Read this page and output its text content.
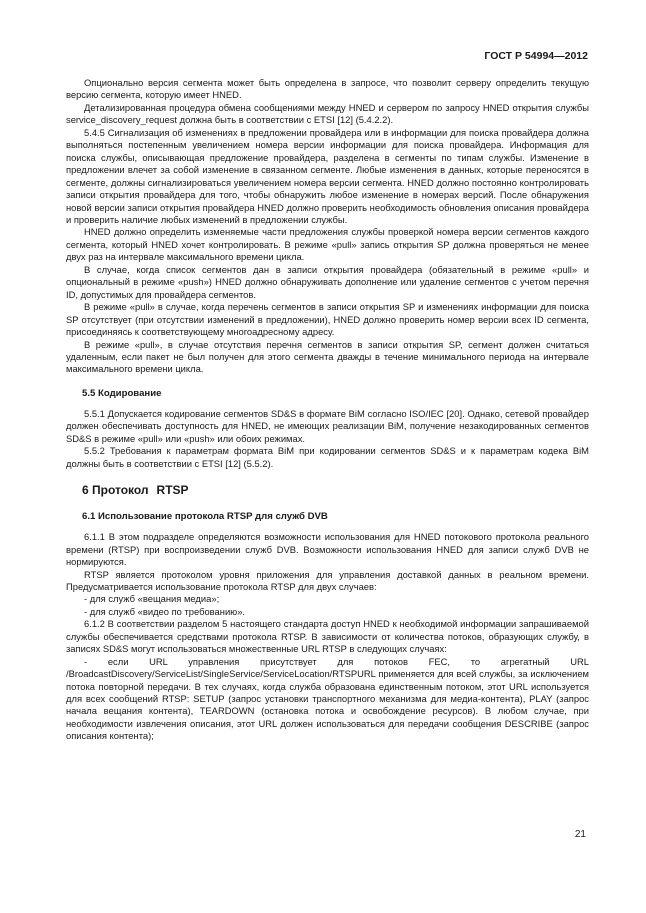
ГОСТ Р 54994—2012

Опционально версия сегмента может быть определена в запросе, что позволит серверу определить текущую версию сегмента, которую имеет HNED.

Детализированная процедура обмена сообщениями между HNED и сервером по запросу HNED открытия службы service_discovery_request должна быть в соответствии с ETSI [12] (5.4.2.2).

5.4.5 Сигнализация об изменениях в предложении провайдера или в информации для поиска провайдера должна выполняться постепенным увеличением номера версии информации для поиска провайдера. Информация для поиска службы, описывающая предложение провайдера, разделена в сегменты по типам службы. Изменение в предложении влечет за собой изменение в связанном сегменте. Любые изменения в данных, которые переносятся в сегменте, должны сигнализироваться увеличением номера версии сегмента. HNED должно постоянно контролировать записи открытия провайдера для того, чтобы обнаружить любое изменение в номерах версий. После обнаружения новой версии записи открытия провайдера HNED должно проверить необходимость обновления описания провайдера и проверить наличие любых изменений в предложении службы.

HNED должно определить изменяемые части предложения службы проверкой номера версии сегментов каждого сегмента, который HNED хочет контролировать. В режиме «pull» запись открытия SP должна проверяться не менее двух раз на интервале максимального времени цикла.

В случае, когда список сегментов дан в записи открытия провайдера (обязательный в режиме «pull» и опциональный в режиме «push») HNED должно обнаруживать дополнение или удаление сегментов с учетом перечня ID, допустимых для провайдера сегментов.

В режиме «pull» в случае, когда перечень сегментов в записи открытия SP и изменениях информации для поиска SP отсутствует (при отсутствии изменений в предложении), HNED должно проверить номер версии всех ID сегмента, присоединяясь к соответствующему многоадресному адресу.

В режиме «pull», в случае отсутствия перечня сегментов в записи открытия SP, сегмент должен считаться удаленным, если пакет не был получен для этого сегмента дважды в течение минимального периода на интервале максимального времени цикла.

5.5 Кодирование

5.5.1 Допускается кодирование сегментов SD&S в формате BiM согласно ISO/IEC [20]. Однако, сетевой провайдер должен обеспечивать доступность для HNED, не имеющих реализации BiM, получение незакодированных сегментов SD&S в режиме «pull» или «push» или обоих режимах.

5.5.2 Требования к параметрам формата BiM при кодировании сегментов SD&S и к параметрам кодека BiM должны быть в соответствии с ETSI [12] (5.5.2).

6 Протокол RTSP
6.1 Использование протокола RTSP для служб DVB

6.1.1 В этом подразделе определяются возможности использования для HNED потокового протокола реального времени (RTSP) при воспроизведении служб DVB. Возможности использования HNED для записи служб DVB не нормируются.

RTSP является протоколом уровня приложения для управления доставкой данных в реальном времени. Предусматривается использование протокола RTSP для двух случаев:

- для служб «вещания медиа»;

- для служб «видео по требованию».

6.1.2 В соответствии разделом 5 настоящего стандарта доступ HNED к необходимой информации запрашиваемой службы обеспечивается средствами протокола RTSP. В зависимости от количества потоков, образующих службу, в записях SD&S могут использоваться множественные URL RTSP в следующих случаях:

- если URL управления присутствует для потоков FEC, то агрегатный URL /BroadcastDiscovery/ServiceList/SingleService/ServiceLocation/RTSPURL применяется для всей службы, за исключением потока повторной передачи. В тех случаях, когда служба образована единственным потоком, этот URL используется для всех сообщений RTSP: SETUP (запрос установки транспортного механизма для медиа-контента), PLAY (запрос начала вещания контента), TEARDOWN (остановка потока и освобождение ресурсов). В любом случае, при необходимости извлечения описания, этот URL должен использоваться для передачи сообщения DESCRIBE (запрос описания контента);

21
